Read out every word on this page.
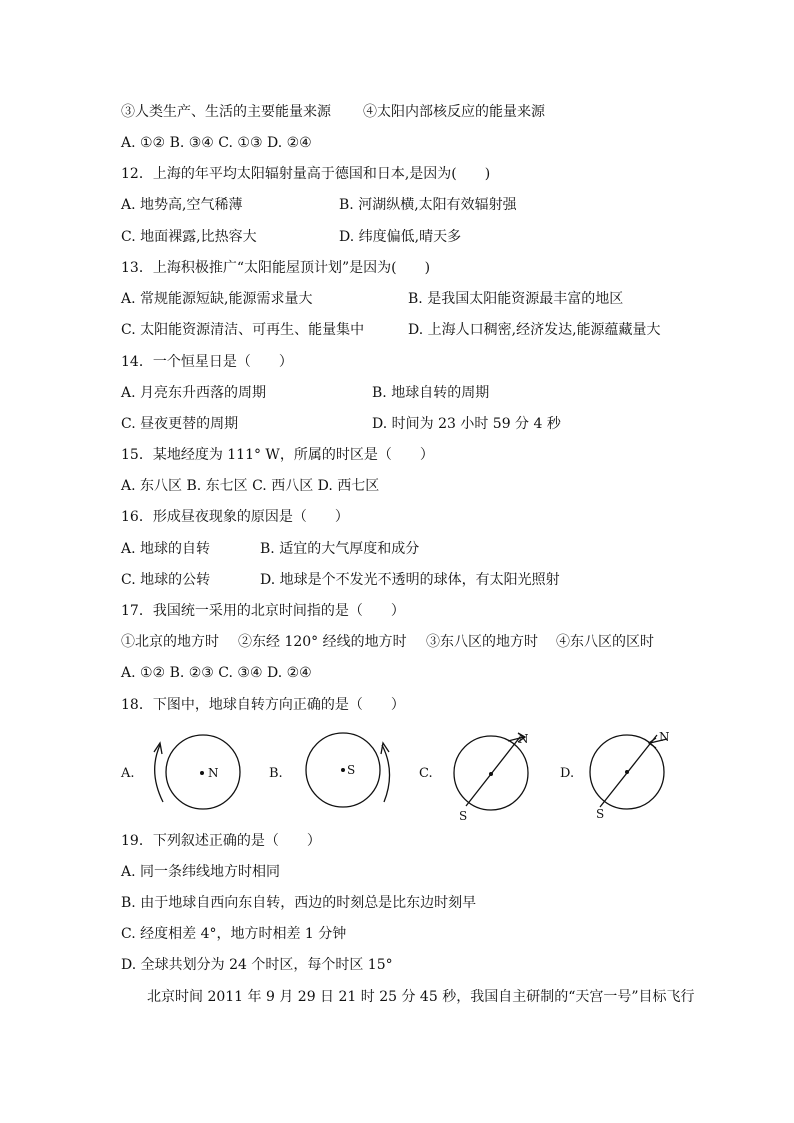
③人类生产、生活的主要能量来源 ④太阳内部核反应的能量来源
A. ①② B. ③④ C. ①③ D. ②④
12．上海的年平均太阳辐射量高于德国和日本,是因为(　　)
A. 地势高,空气稀薄	B. 河湖纵横,太阳有效辐射强
C. 地面裸露,比热容大	D. 纬度偏低,晴天多
13．上海积极推广“太阳能屋顶计划”是因为(　　)
A. 常规能源短缺,能源需求量大	B. 是我国太阳能资源最丰富的地区
C. 太阳能资源清洁、可再生、能量集中	D. 上海人口稠密,经济发达,能源蕴藏量大
14．一个恒星日是（　　）
A. 月亮东升西落的周期	B. 地球自转的周期
C. 昼夜更替的周期	D. 时间为 23 小时 59 分 4 秒
15．某地经度为 111° W，所属的时区是（　　）
A. 东八区 B. 东七区 C. 西八区 D. 西七区
16．形成昼夜现象的原因是（　　）
A. 地球的自转	B. 适宜的大气厚度和成分
C. 地球的公转	D. 地球是个不发光不透明的球体，有太阳光照射
17．我国统一采用的北京时间指的是（　　）
①北京的地方时 ②东经 120° 经线的地方时 ③东八区的地方时 ④东八区的区时
A. ①② B. ②③ C. ③④ D. ②④
18．下图中，地球自转方向正确的是（　　）
A.	B.	C.	D.
N	S
N
S
N
S
19．下列叙述正确的是（　　）
A. 同一条纬线地方时相同
B. 由于地球自西向东自转，西边的时刻总是比东边时刻早
C. 经度相差 4°，地方时相差 1 分钟
D. 全球共划分为 24 个时区，每个时区 15°
北京时间 2011 年 9 月 29 日 21 时 25 分 45 秒，我国自主研制的“天宫一号”目标飞行
